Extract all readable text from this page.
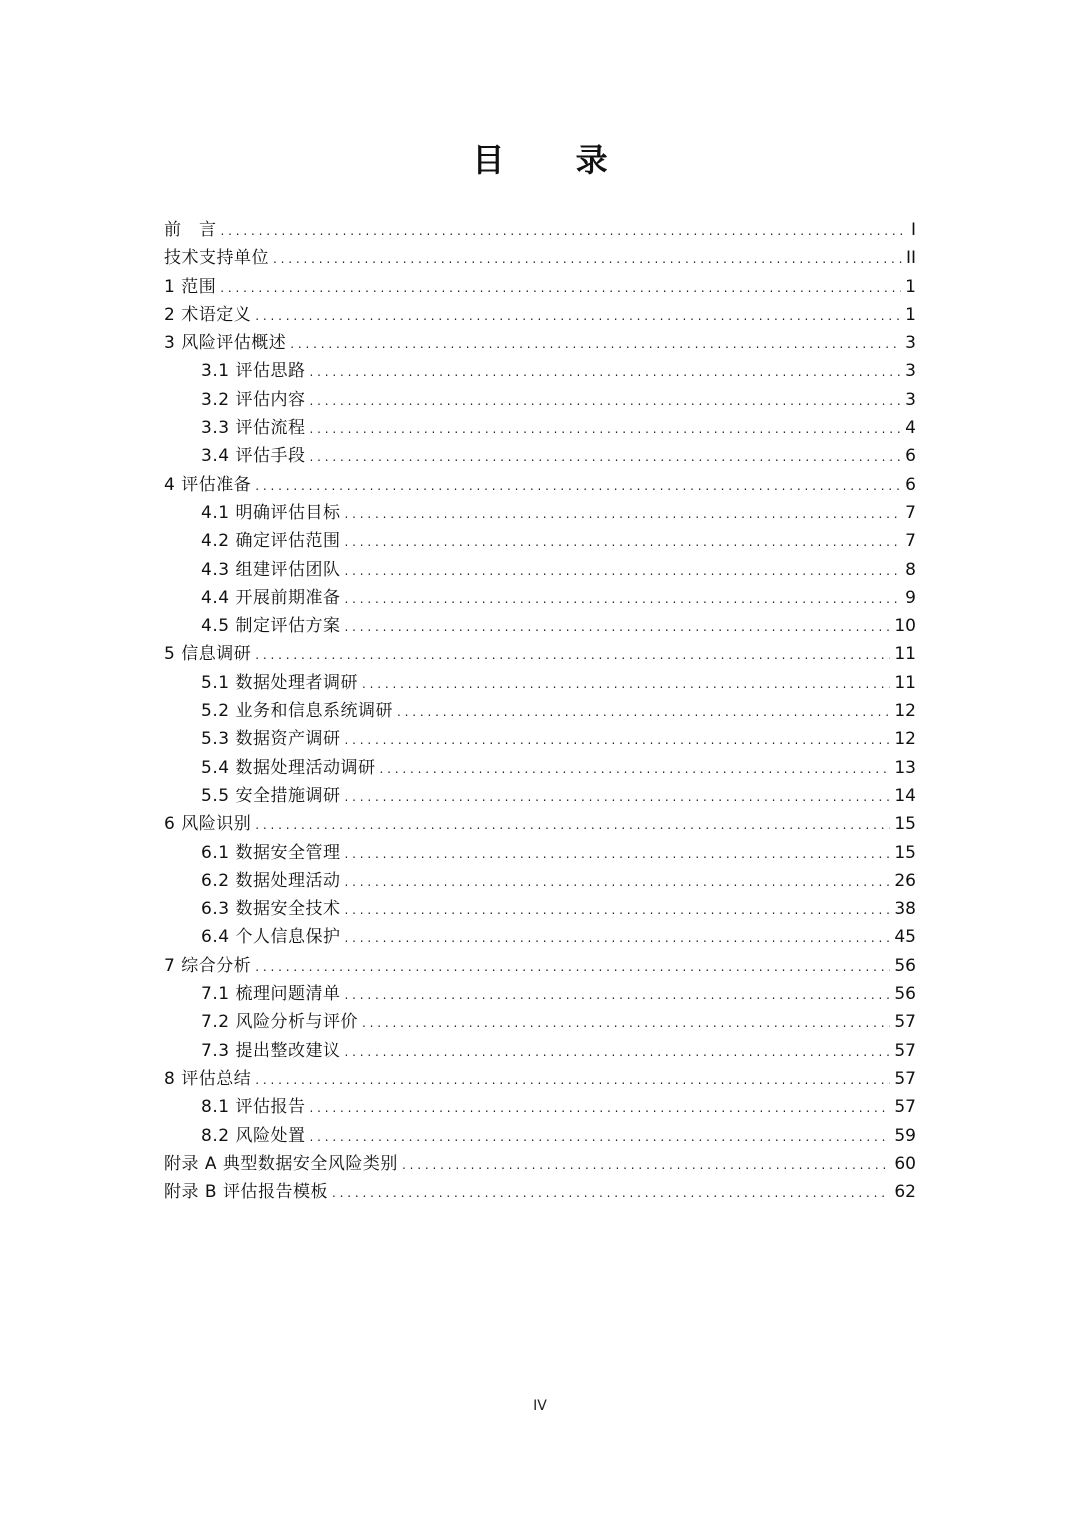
目 录
前　言 . . .	I
技术支持单位 . . .	II
1 范围 . . .	1
2 术语定义 . . .	1
3 风险评估概述 . . .	3
3.1 评估思路 . . .	3
3.2 评估内容 . . .	3
3.3 评估流程 . . .	4
3.4 评估手段 . . .	6
4 评估准备 . . .	6
4.1 明确评估目标 . . .	7
4.2 确定评估范围 . . .	7
4.3 组建评估团队 . . .	8
4.4 开展前期准备 . . .	9
4.5 制定评估方案 . . .	10
5 信息调研 . . .	11
5.1 数据处理者调研 . . .	11
5.2 业务和信息系统调研 . . .	12
5.3 数据资产调研 . . .	12
5.4 数据处理活动调研 . . .	13
5.5 安全措施调研 . . .	14
6 风险识别 . . .	15
6.1 数据安全管理 . . .	15
6.2 数据处理活动 . . .	26
6.3 数据安全技术 . . .	38
6.4 个人信息保护 . . .	45
7 综合分析 . . .	56
7.1 梳理问题清单 . . .	56
7.2 风险分析与评价 . . .	57
7.3 提出整改建议 . . .	57
8 评估总结 . . .	57
8.1 评估报告 . . .	57
8.2 风险处置 . . .	59
附录 A 典型数据安全风险类别 . . .	60
附录 B 评估报告模板 . . .	62
IV
